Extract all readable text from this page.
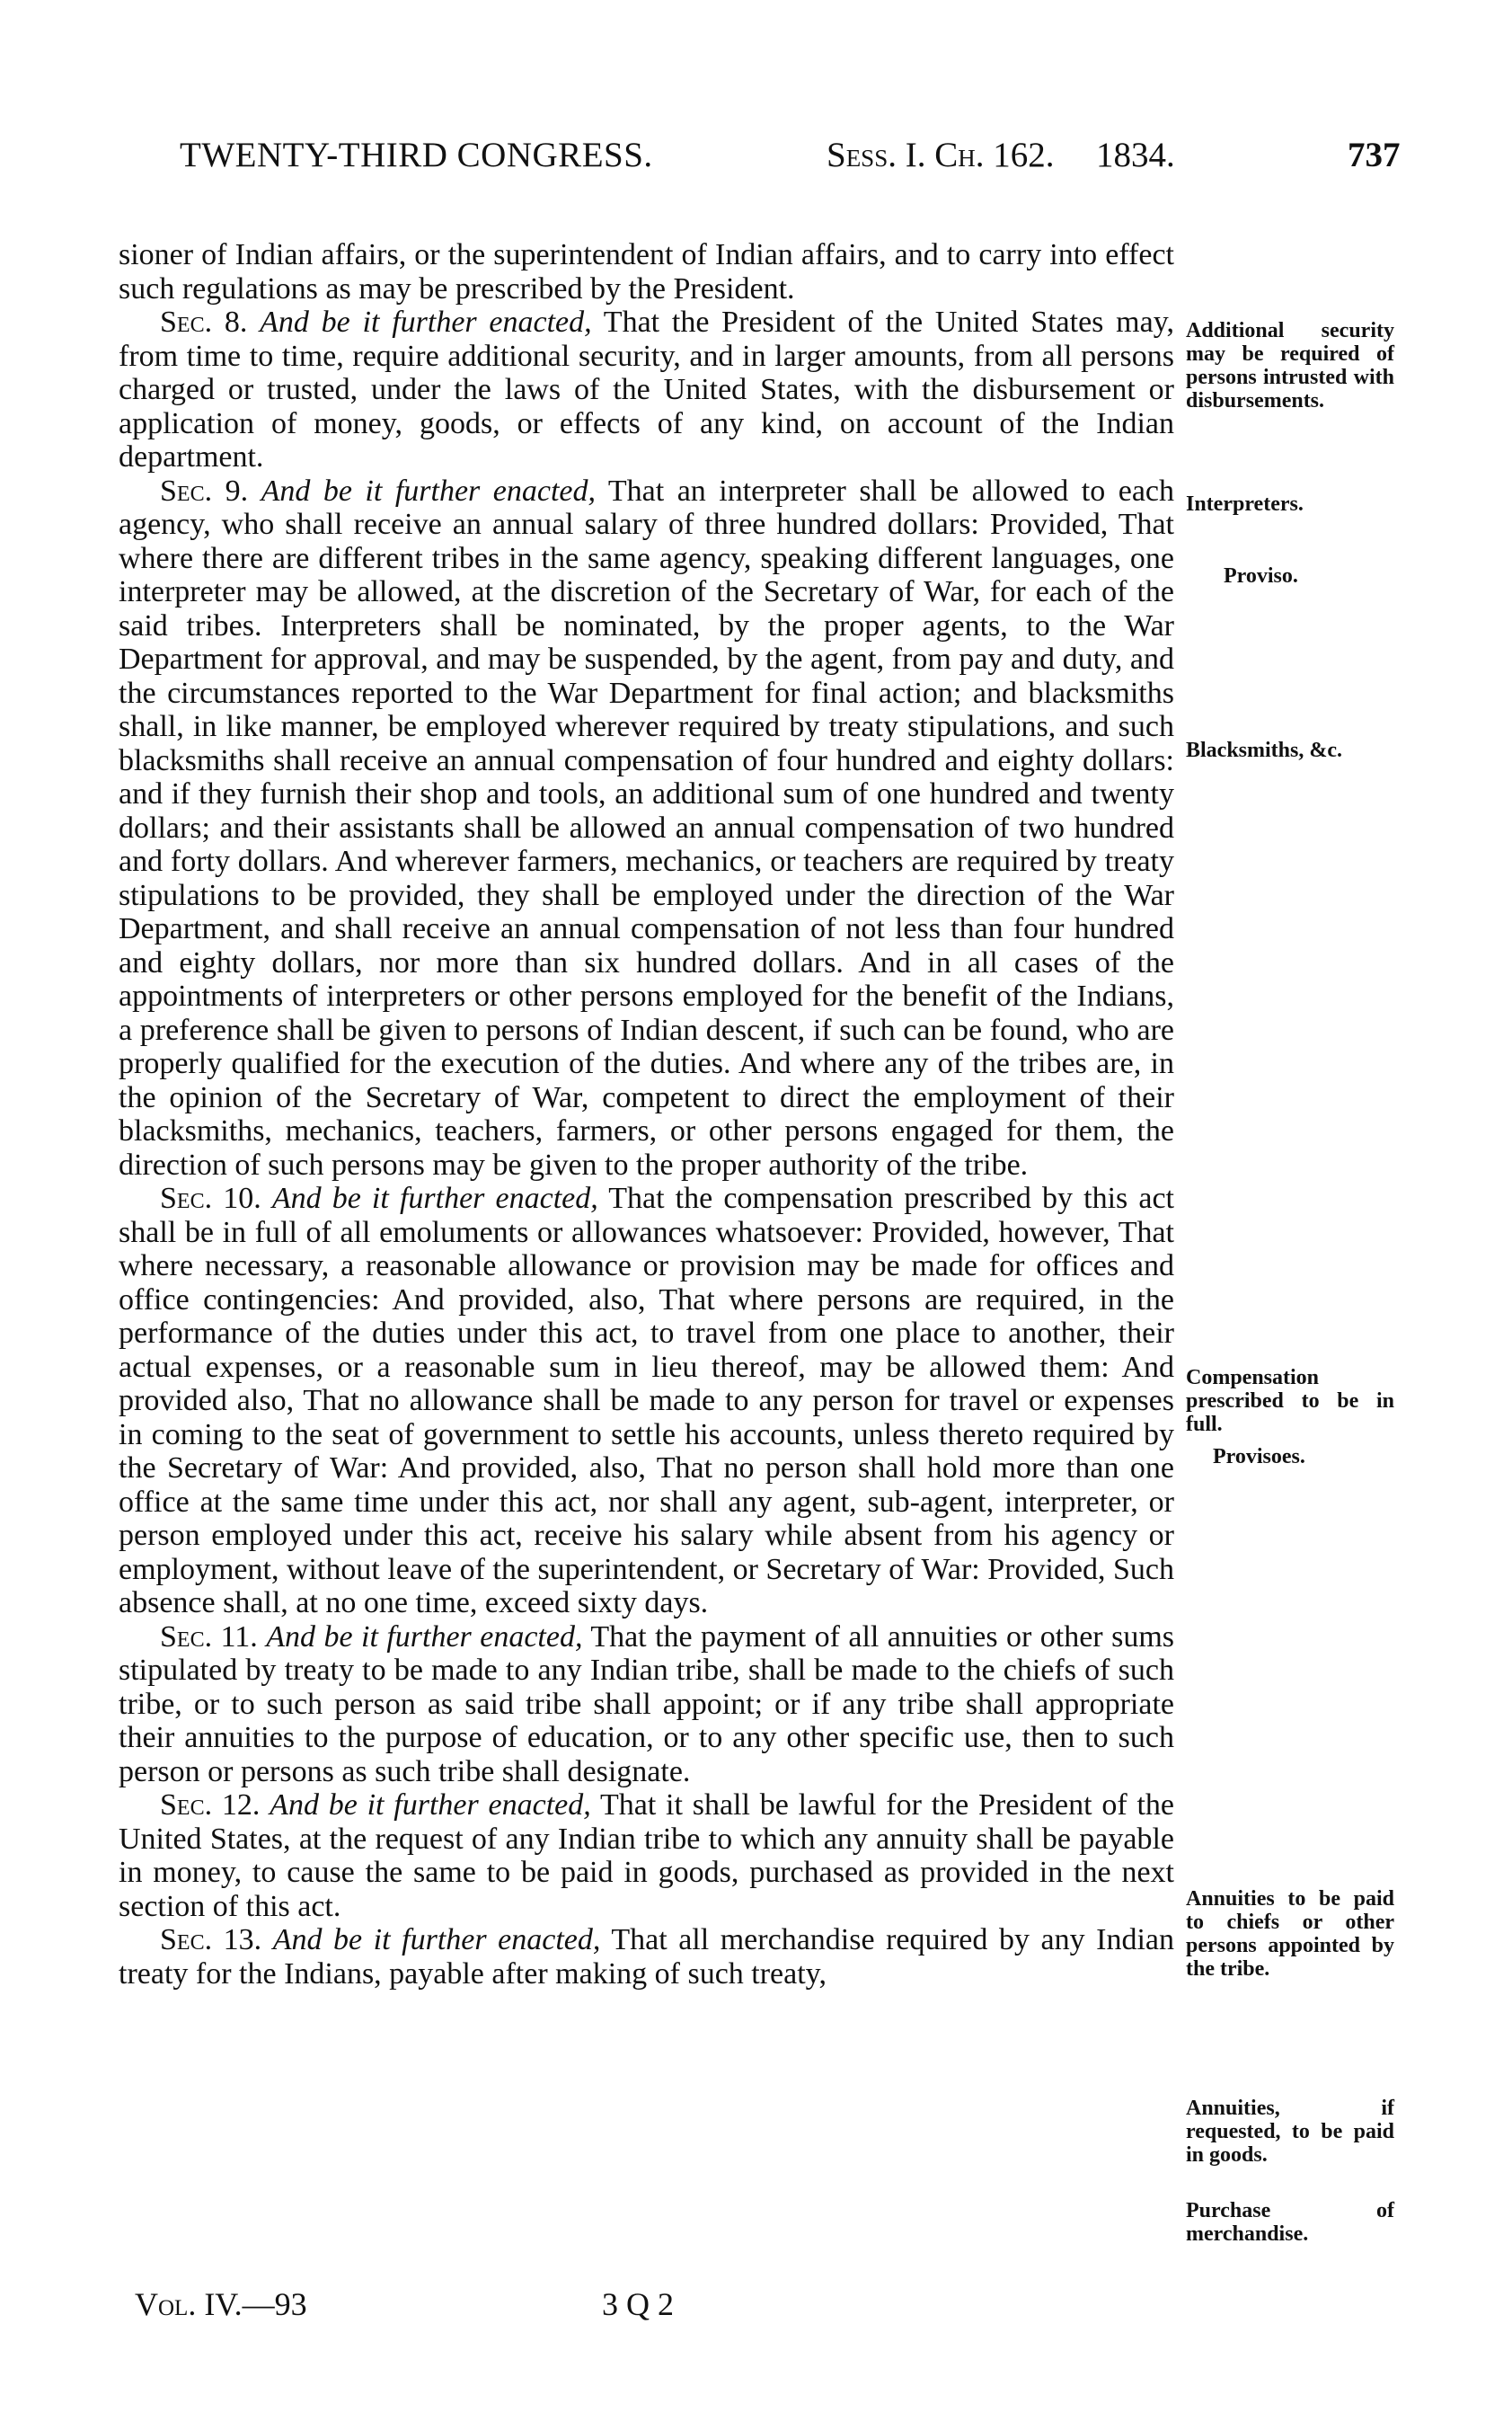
TWENTY-THIRD CONGRESS.	Sess. I. Ch. 162. 1834.	737

sioner of Indian affairs, or the superintendent of Indian affairs, and to carry into effect such regulations as may be prescribed by the President.

Sec. 8. And be it further enacted, That the President of the United States may, from time to time, require additional security, and in larger amounts, from all persons charged or trusted, under the laws of the United States, with the disbursement or application of money, goods, or effects of any kind, on account of the Indian department.

Sec. 9. And be it further enacted, That an interpreter shall be allowed to each agency, who shall receive an annual salary of three hundred dollars: Provided, That where there are different tribes in the same agency, speaking different languages, one interpreter may be allowed, at the discretion of the Secretary of War, for each of the said tribes. Interpreters shall be nominated, by the proper agents, to the War Department for approval, and may be suspended, by the agent, from pay and duty, and the circumstances reported to the War Department for final action; and blacksmiths shall, in like manner, be employed wherever required by treaty stipulations, and such blacksmiths shall receive an annual compensation of four hundred and eighty dollars: and if they furnish their shop and tools, an additional sum of one hundred and twenty dollars; and their assistants shall be allowed an annual compensation of two hundred and forty dollars. And wherever farmers, mechanics, or teachers are required by treaty stipulations to be provided, they shall be employed under the direction of the War Department, and shall receive an annual compensation of not less than four hundred and eighty dollars, nor more than six hundred dollars. And in all cases of the appointments of interpreters or other persons employed for the benefit of the Indians, a preference shall be given to persons of Indian descent, if such can be found, who are properly qualified for the execution of the duties. And where any of the tribes are, in the opinion of the Secretary of War, competent to direct the employment of their blacksmiths, mechanics, teachers, farmers, or other persons engaged for them, the direction of such persons may be given to the proper authority of the tribe.

Sec. 10. And be it further enacted, That the compensation prescribed by this act shall be in full of all emoluments or allowances whatsoever: Provided, however, That where necessary, a reasonable allowance or provision may be made for offices and office contingencies: And provided, also, That where persons are required, in the performance of the duties under this act, to travel from one place to another, their actual expenses, or a reasonable sum in lieu thereof, may be allowed them: And provided also, That no allowance shall be made to any person for travel or expenses in coming to the seat of government to settle his accounts, unless thereto required by the Secretary of War: And provided, also, That no person shall hold more than one office at the same time under this act, nor shall any agent, sub-agent, interpreter, or person employed under this act, receive his salary while absent from his agency or employment, without leave of the superintendent, or Secretary of War: Provided, Such absence shall, at no one time, exceed sixty days.

Sec. 11. And be it further enacted, That the payment of all annuities or other sums stipulated by treaty to be made to any Indian tribe, shall be made to the chiefs of such tribe, or to such person as said tribe shall appoint; or if any tribe shall appropriate their annuities to the purpose of education, or to any other specific use, then to such person or persons as such tribe shall designate.

Sec. 12. And be it further enacted, That it shall be lawful for the President of the United States, at the request of any Indian tribe to which any annuity shall be payable in money, to cause the same to be paid in goods, purchased as provided in the next section of this act.

Sec. 13. And be it further enacted, That all merchandise required by any Indian treaty for the Indians, payable after making of such treaty,

Additional security may be required of persons intrusted with disbursements.
Interpreters.
Proviso.
Blacksmiths, &c.
Compensation prescribed to be in full.
Provisoes.
Annuities to be paid to chiefs or other persons appointed by the tribe.
Annuities, if requested, to be paid in goods.
Purchase of merchandise.
Vol. IV.—93	3 Q 2
